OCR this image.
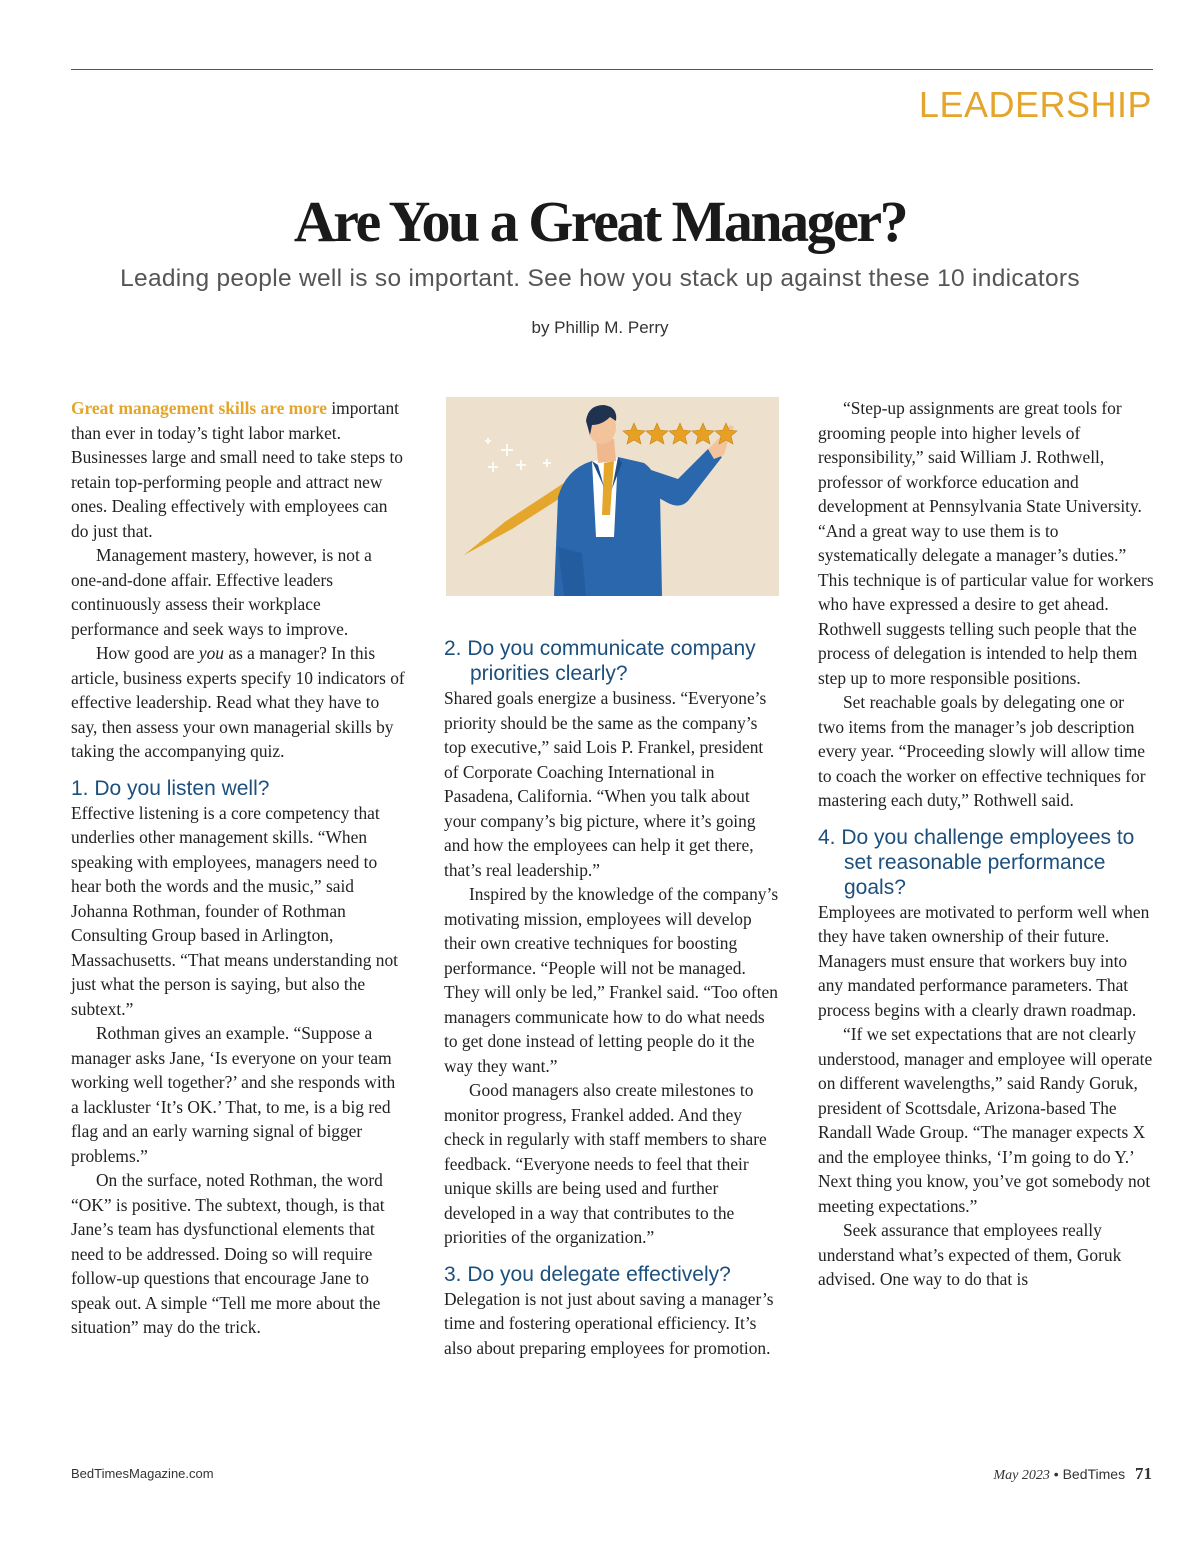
LEADERSHIP
Are You a Great Manager?
Leading people well is so important. See how you stack up against these 10 indicators
by Phillip M. Perry

Great management skills are more important than ever in today’s tight labor market. Businesses large and small need to take steps to retain top-performing people and attract new ones. Dealing effectively with employees can do just that.

Management mastery, however, is not a one-and-done affair. Effective leaders continuously assess their workplace performance and seek ways to improve.

How good are you as a manager? In this article, business experts specify 10 indicators of effective leadership. Read what they have to say, then assess your own managerial skills by taking the accompanying quiz.

1. Do you listen well?

Effective listening is a core competency that underlies other management skills. “When speaking with employees, managers need to hear both the words and the music,” said Johanna Rothman, founder of Rothman Consulting Group based in Arlington, Massachusetts. “That means understanding not just what the person is saying, but also the subtext.”

Rothman gives an example. “Suppose a manager asks Jane, ‘Is everyone on your team working well together?’ and she responds with a lackluster ‘It’s OK.’ That, to me, is a big red flag and an early warning signal of bigger problems.”

On the surface, noted Rothman, the word “OK” is positive. The subtext, though, is that Jane’s team has dysfunctional elements that need to be addressed. Doing so will require follow-up questions that encourage Jane to speak out. A simple “Tell me more about the situation” may do the trick.

2. Do you communicate company priorities clearly?

Shared goals energize a business. “Everyone’s priority should be the same as the company’s top executive,” said Lois P. Frankel, president of Corporate Coaching International in Pasadena, California. “When you talk about your company’s big picture, where it’s going and how the employees can help it get there, that’s real leadership.”

Inspired by the knowledge of the company’s motivating mission, employees will develop their own creative techniques for boosting performance. “People will not be managed. They will only be led,” Frankel said. “Too often managers communicate how to do what needs to get done instead of letting people do it the way they want.”

Good managers also create milestones to monitor progress, Frankel added. And they check in regularly with staff members to share feedback. “Everyone needs to feel that their unique skills are being used and further developed in a way that contributes to the priorities of the organization.”

3. Do you delegate effectively?

Delegation is not just about saving a manager’s time and fostering operational efficiency. It’s also about preparing employees for promotion.

“Step-up assignments are great tools for grooming people into higher levels of responsibility,” said William J. Rothwell, professor of workforce education and development at Pennsylvania State University. “And a great way to use them is to systematically delegate a manager’s duties.” This technique is of particular value for workers who have expressed a desire to get ahead. Rothwell suggests telling such people that the process of delegation is intended to help them step up to more responsible positions.

Set reachable goals by delegating one or two items from the manager’s job description every year. “Proceeding slowly will allow time to coach the worker on effective techniques for mastering each duty,” Rothwell said.

4. Do you challenge employees to set reasonable performance goals?

Employees are motivated to perform well when they have taken ownership of their future. Managers must ensure that workers buy into any mandated performance parameters. That process begins with a clearly drawn roadmap.

“If we set expectations that are not clearly understood, manager and employee will operate on different wavelengths,” said Randy Goruk, president of Scottsdale, Arizona-based The Randall Wade Group. “The manager expects X and the employee thinks, ‘I’m going to do Y.’ Next thing you know, you’ve got somebody not meeting expectations.”

Seek assurance that employees really understand what’s expected of them, Goruk advised. One way to do that is

BedTimesMagazine.com	May 2023 • BedTimes 71
